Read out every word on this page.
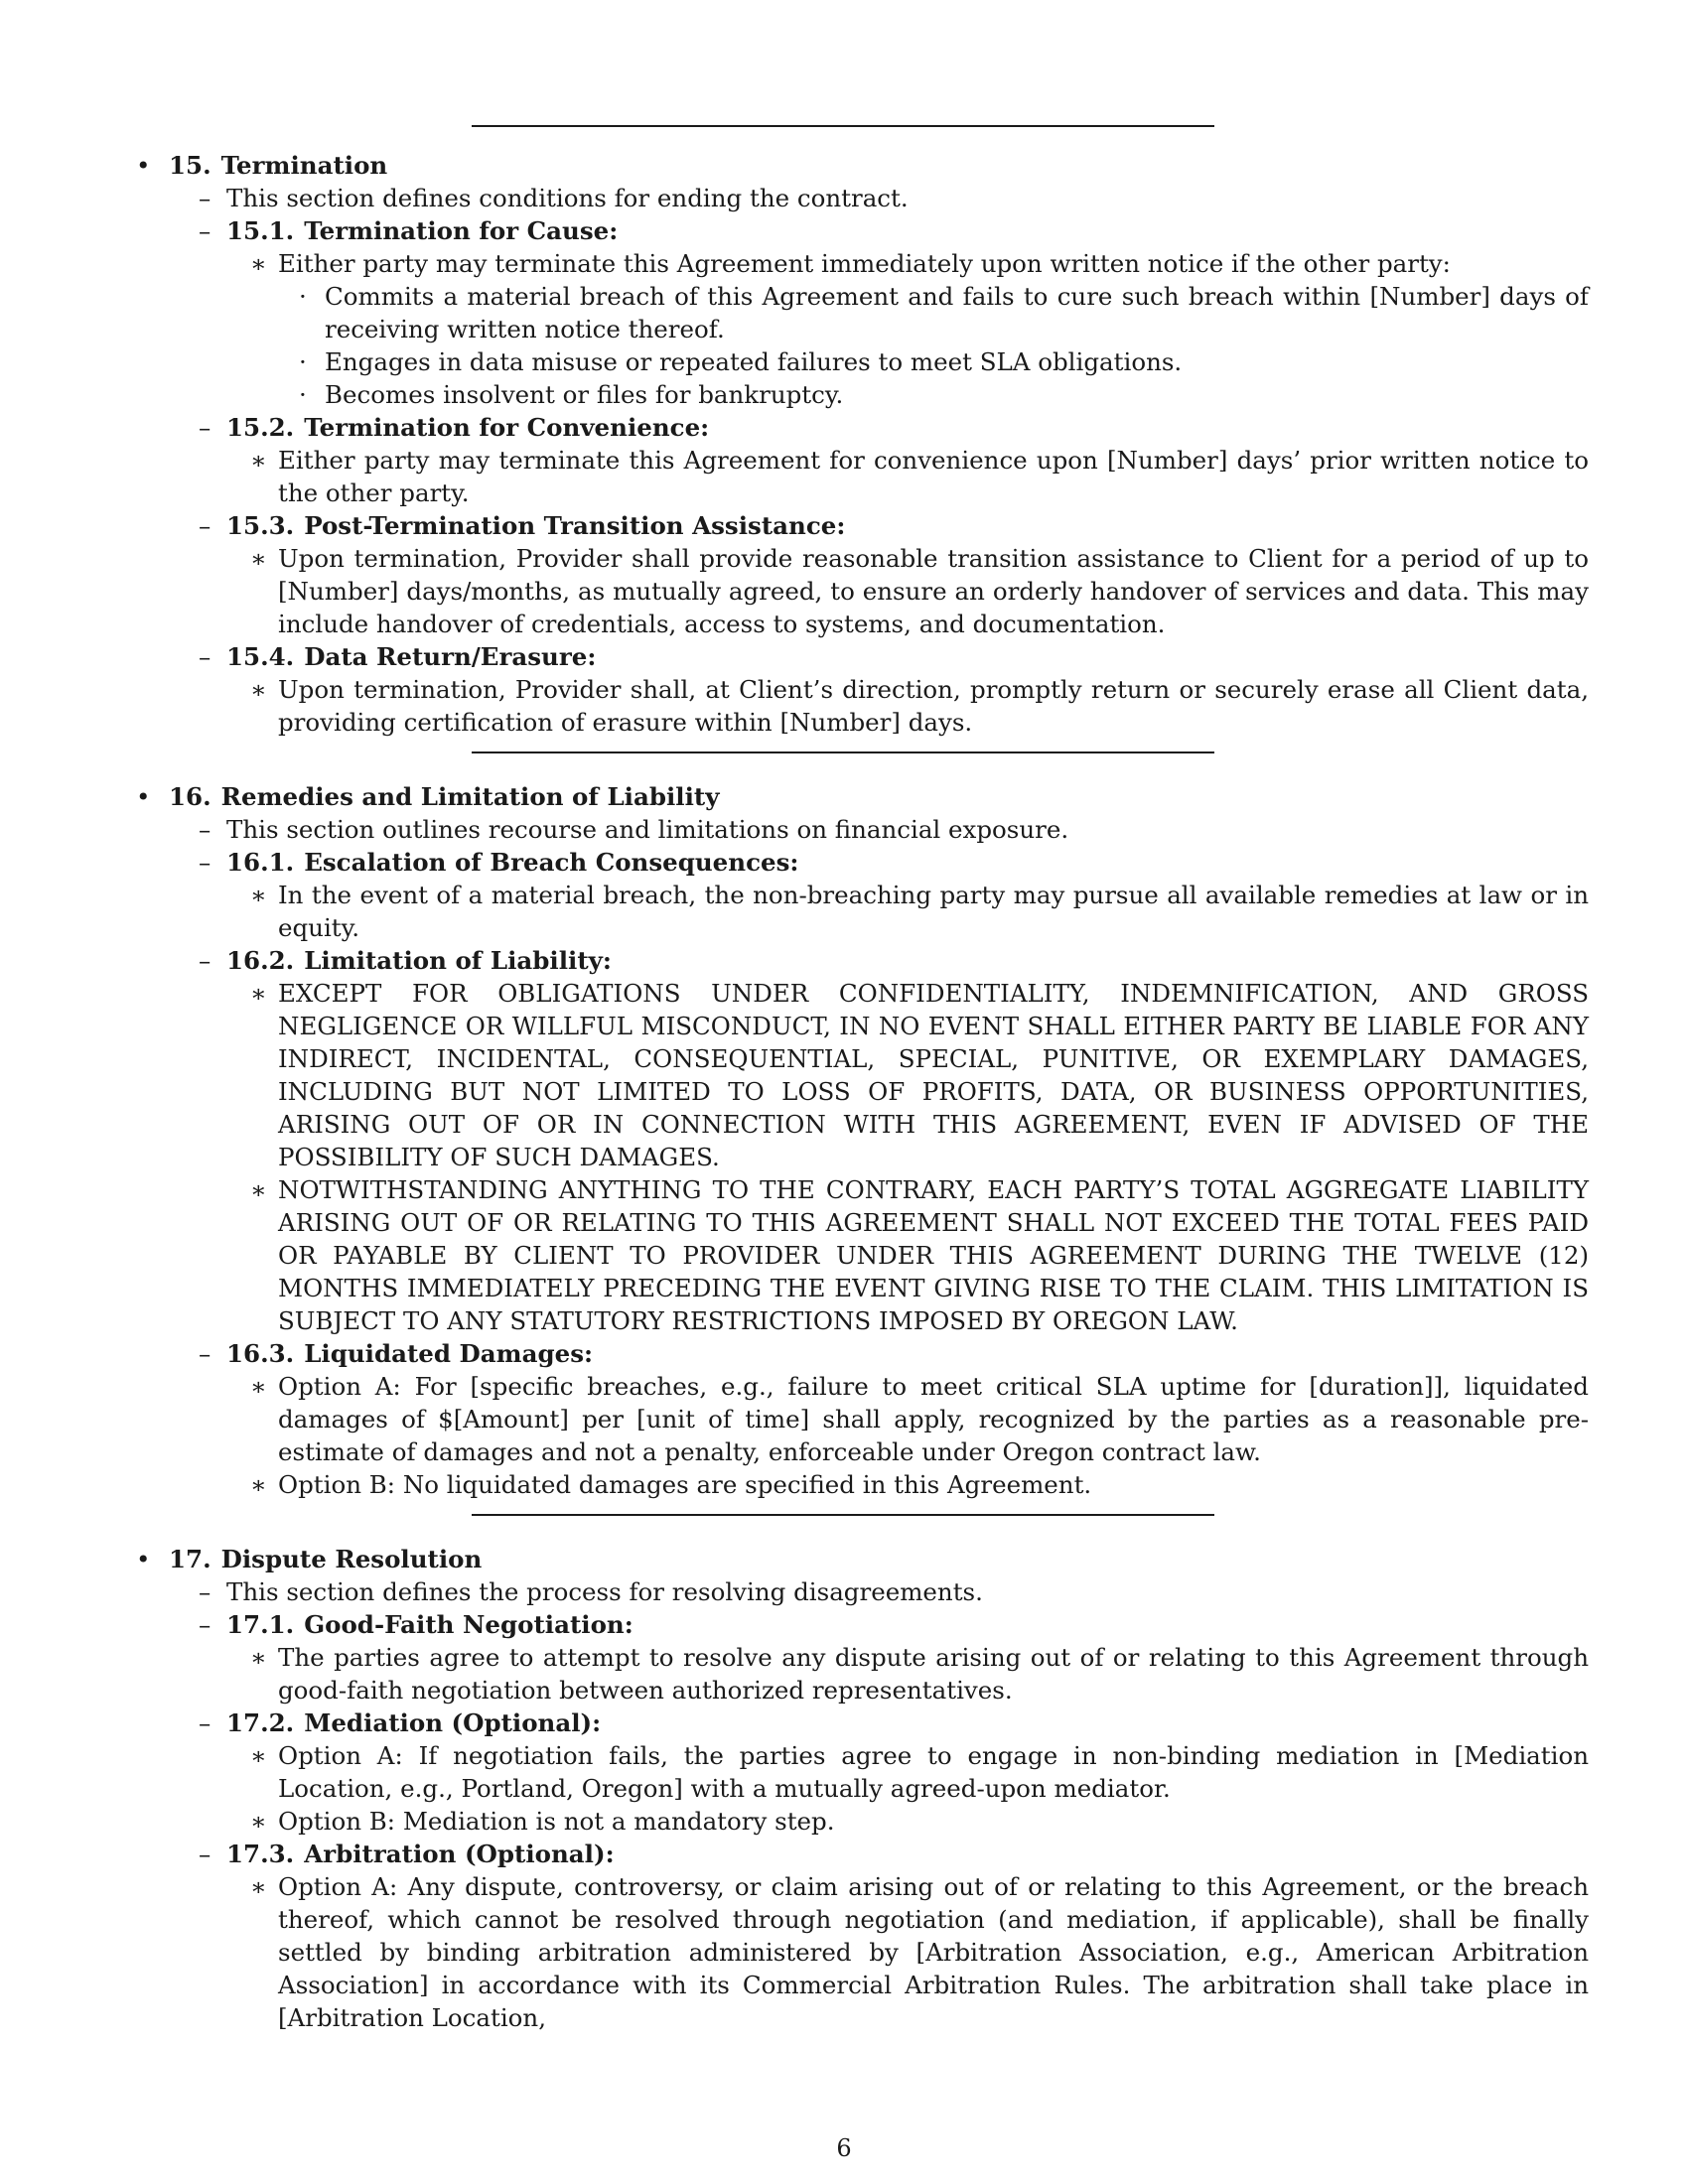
• 15. Termination
– This section defines conditions for ending the contract.
– 15.1. Termination for Cause:
∗ Either party may terminate this Agreement immediately upon written notice if the other party:
· Commits a material breach of this Agreement and fails to cure such breach within [Number] days of receiving written notice thereof.
· Engages in data misuse or repeated failures to meet SLA obligations.
· Becomes insolvent or files for bankruptcy.
– 15.2. Termination for Convenience:
∗ Either party may terminate this Agreement for convenience upon [Number] days’ prior written notice to the other party.
– 15.3. Post-Termination Transition Assistance:
∗ Upon termination, Provider shall provide reasonable transition assistance to Client for a period of up to [Number] days/months, as mutually agreed, to ensure an orderly handover of services and data. This may include handover of credentials, access to systems, and documentation.
– 15.4. Data Return/Erasure:
∗ Upon termination, Provider shall, at Client’s direction, promptly return or securely erase all Client data, providing certification of erasure within [Number] days.
• 16. Remedies and Limitation of Liability
– This section outlines recourse and limitations on financial exposure.
– 16.1. Escalation of Breach Consequences:
∗ In the event of a material breach, the non-breaching party may pursue all available remedies at law or in equity.
– 16.2. Limitation of Liability:
∗ EXCEPT FOR OBLIGATIONS UNDER CONFIDENTIALITY, INDEMNIFICATION, AND GROSS NEGLIGENCE OR WILLFUL MISCONDUCT, IN NO EVENT SHALL EITHER PARTY BE LIABLE FOR ANY INDIRECT, INCIDENTAL, CONSEQUENTIAL, SPECIAL, PUNITIVE, OR EXEMPLARY DAMAGES, INCLUDING BUT NOT LIMITED TO LOSS OF PROFITS, DATA, OR BUSINESS OPPORTUNITIES, ARISING OUT OF OR IN CONNECTION WITH THIS AGREEMENT, EVEN IF ADVISED OF THE POSSIBILITY OF SUCH DAMAGES.
∗ NOTWITHSTANDING ANYTHING TO THE CONTRARY, EACH PARTY’S TOTAL AGGREGATE LIABILITY ARISING OUT OF OR RELATING TO THIS AGREEMENT SHALL NOT EXCEED THE TOTAL FEES PAID OR PAYABLE BY CLIENT TO PROVIDER UNDER THIS AGREEMENT DURING THE TWELVE (12) MONTHS IMMEDIATELY PRECEDING THE EVENT GIVING RISE TO THE CLAIM. THIS LIMITATION IS SUBJECT TO ANY STATUTORY RESTRICTIONS IMPOSED BY OREGON LAW.
– 16.3. Liquidated Damages:
∗ Option A: For [specific breaches, e.g., failure to meet critical SLA uptime for [duration]], liquidated damages of $[Amount] per [unit of time] shall apply, recognized by the parties as a reasonable pre-estimate of damages and not a penalty, enforceable under Oregon contract law.
∗ Option B: No liquidated damages are specified in this Agreement.
• 17. Dispute Resolution
– This section defines the process for resolving disagreements.
– 17.1. Good-Faith Negotiation:
∗ The parties agree to attempt to resolve any dispute arising out of or relating to this Agreement through good-faith negotiation between authorized representatives.
– 17.2. Mediation (Optional):
∗ Option A: If negotiation fails, the parties agree to engage in non-binding mediation in [Mediation Location, e.g., Portland, Oregon] with a mutually agreed-upon mediator.
∗ Option B: Mediation is not a mandatory step.
– 17.3. Arbitration (Optional):
∗ Option A: Any dispute, controversy, or claim arising out of or relating to this Agreement, or the breach thereof, which cannot be resolved through negotiation (and mediation, if applicable), shall be finally settled by binding arbitration administered by [Arbitration Association, e.g., American Arbitration Association] in accordance with its Commercial Arbitration Rules. The arbitration shall take place in [Arbitration Location,
6
